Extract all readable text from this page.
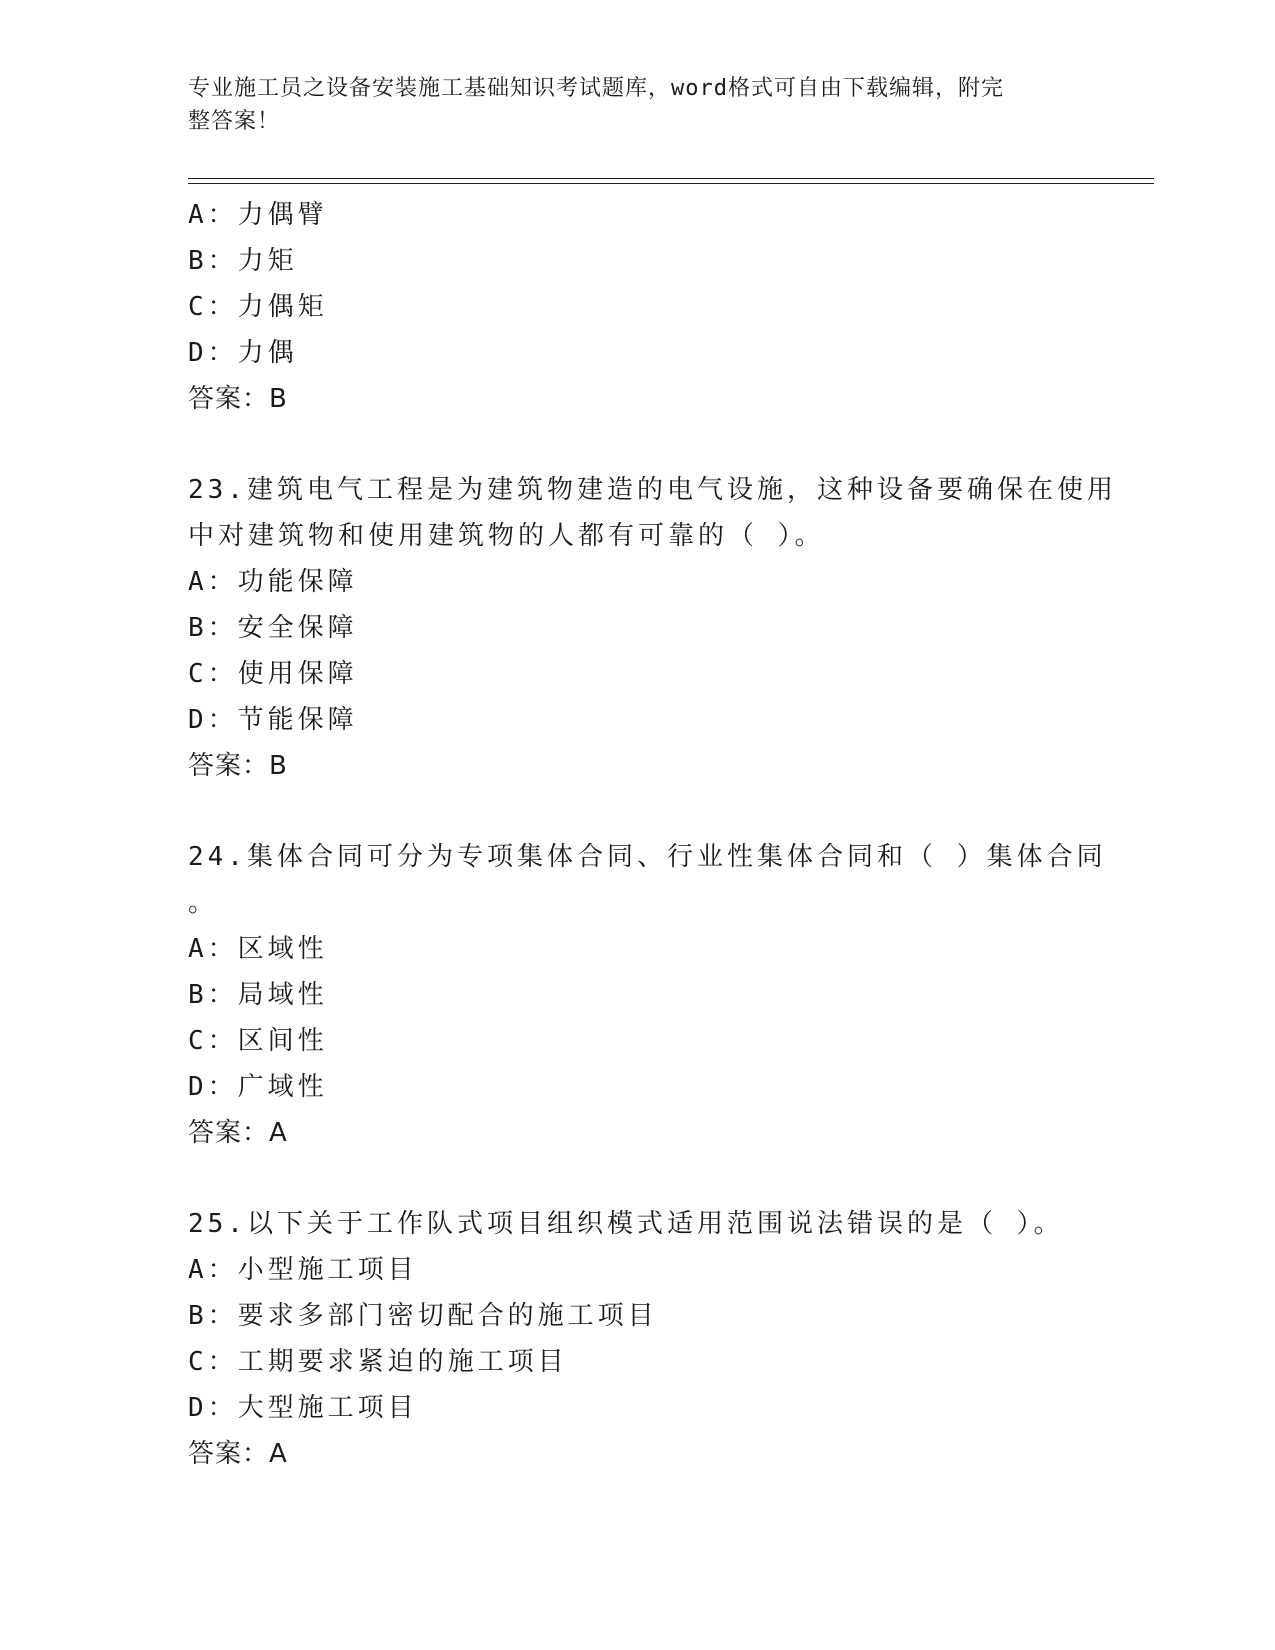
专业施工员之设备安装施工基础知识考试题库，word格式可自由下载编辑，附完
整答案！
A：力偶臂
B：力矩
C：力偶矩
D：力偶
答案：B
23.建筑电气工程是为建筑物建造的电气设施，这种设备要确保在使用
中对建筑物和使用建筑物的人都有可靠的（ ）。
A：功能保障
B：安全保障
C：使用保障
D：节能保障
答案：B
24.集体合同可分为专项集体合同、行业性集体合同和（ ）集体合同
。
A：区域性
B：局域性
C：区间性
D：广域性
答案：A
25.以下关于工作队式项目组织模式适用范围说法错误的是（ ）。
A：小型施工项目
B：要求多部门密切配合的施工项目
C：工期要求紧迫的施工项目
D：大型施工项目
答案：A
